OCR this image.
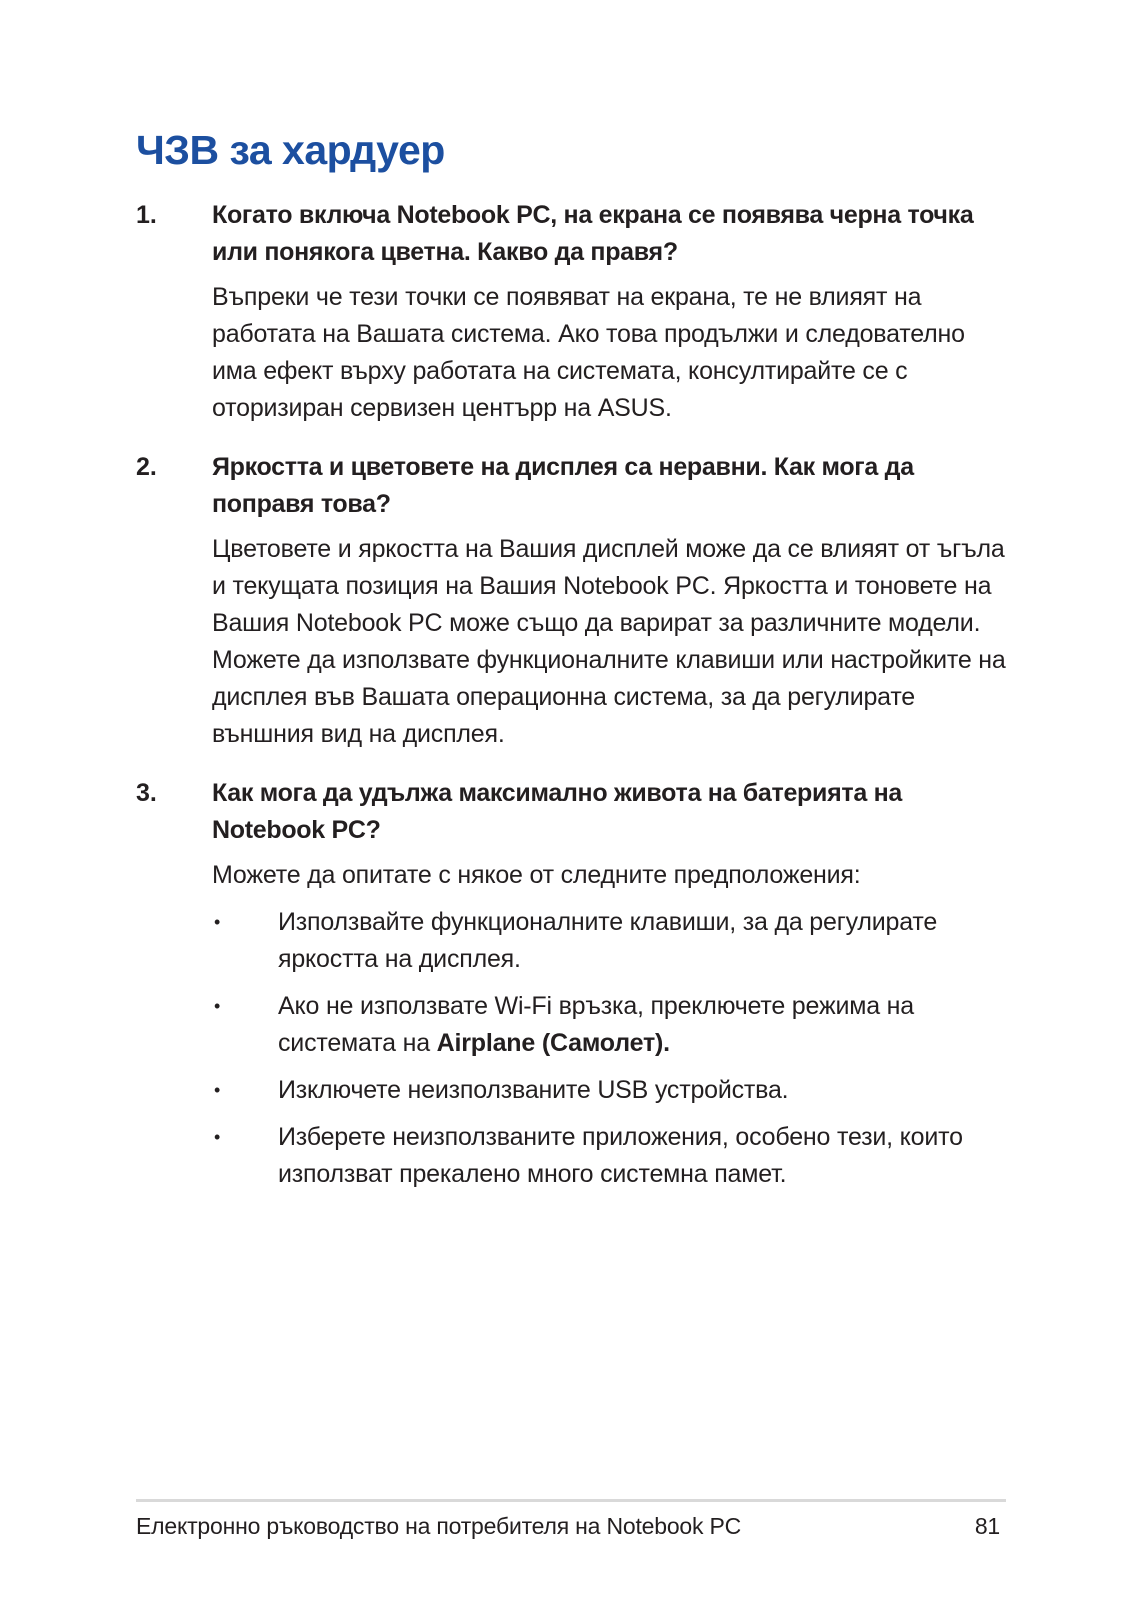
ЧЗВ за хардуер
1.	Когато включа Notebook PC, на екрана се появява черна точка или понякога цветна. Какво да правя?

Въпреки че тези точки се появяват на екрана, те не влияят на работата на Вашата система. Ако това продължи и следователно има ефект върху работата на системата, консултирайте се с оторизиран сервизен центърр на ASUS.

2.	Яркостта и цветовете на дисплея са неравни. Как мога да поправя това?

Цветовете и яркостта на Вашия дисплей може да се влияят от ъгъла и текущата позиция на Вашия Notebook PC. Яркостта и тоновете на Вашия Notebook PC може също да варират за различните модели. Можете да използвате функционалните клавиши или настройките на дисплея във Вашата операционна система, за да регулирате външния вид на дисплея.

3.	Как мога да удължа максимално живота на батерията на Notebook PC?

Можете да опитате с някое от следните предположения:

•	Използвайте функционалните клавиши, за да регулирате яркостта на дисплея.
•	Ако не използвате Wi-Fi връзка, преключете режима на системата на Airplane (Самолет).
•	Изключете неизползваните USB устройства.
•	Изберете неизползваните приложения, особено тези, които използват прекалено много системна памет.
Електронно ръководство на потребителя на Notebook PC	81
